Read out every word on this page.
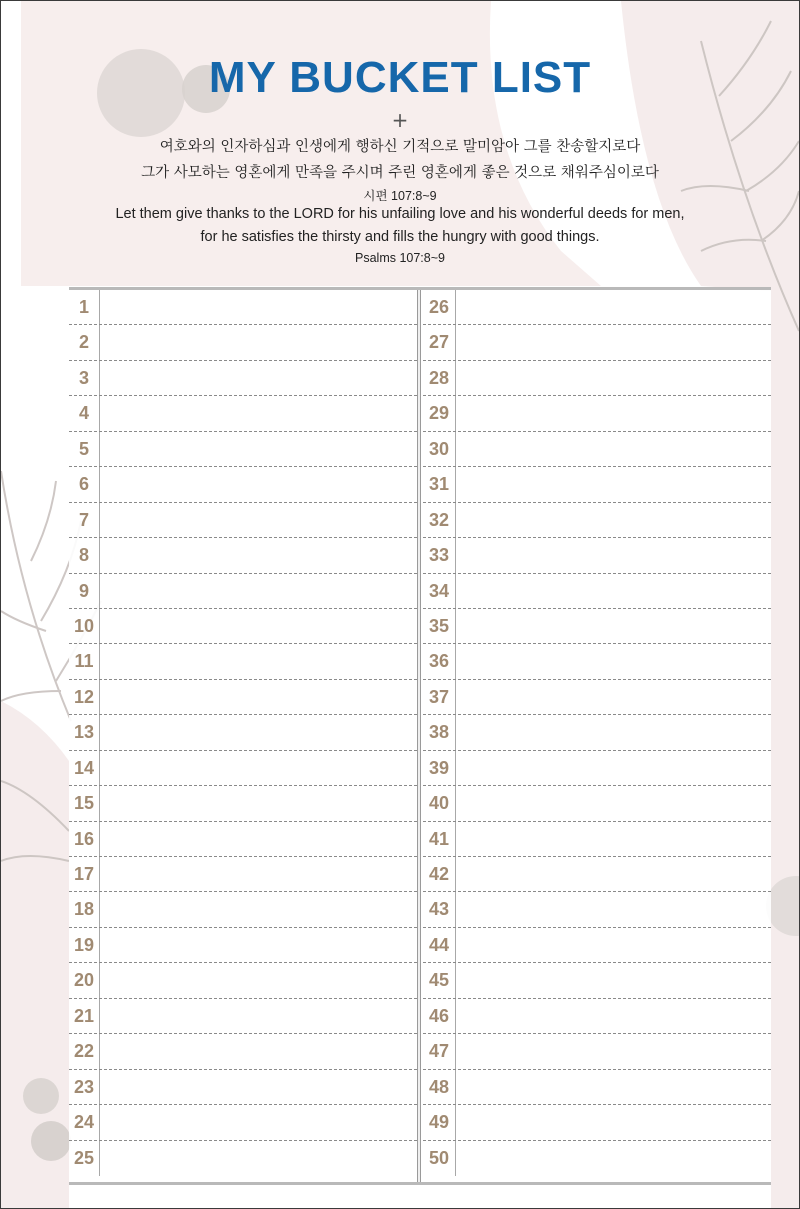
MY BUCKET LIST
+
여호와의 인자하심과 인생에게 행하신 기적으로 말미암아 그를 찬송할지로다
그가 사모하는 영혼에게 만족을 주시며 주린 영혼에게 좋은 것으로 채워주심이로다
시편 107:8~9
Let them give thanks to the LORD for his unfailing love and his wonderful deeds for men,
for he satisfies the thirsty and fills the hungry with good things.
Psalms 107:8~9
1
2
3
4
5
6
7
8
9
10
11
12
13
14
15
16
17
18
19
20
21
22
23
24
25
26
27
28
29
30
31
32
33
34
35
36
37
38
39
40
41
42
43
44
45
46
47
48
49
50
